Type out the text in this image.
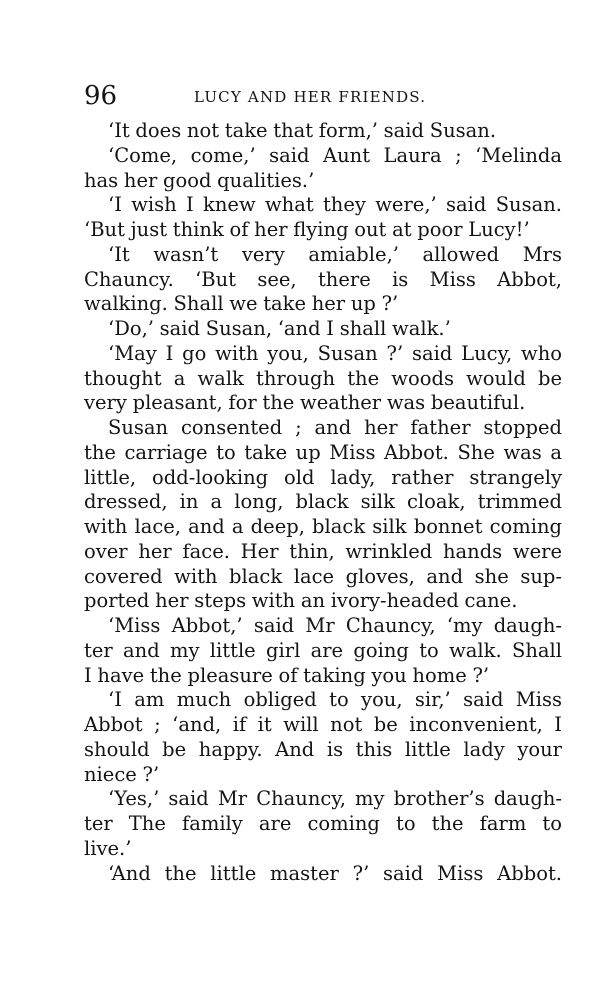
96	LUCY AND HER FRIENDS.
‘It does not take that form,’ said Susan.
‘Come, come,’ said Aunt Laura ; ‘Melinda
has her good qualities.’
‘I wish I knew what they were,’ said Susan.
‘But just think of her flying out at poor Lucy!’
‘It wasn’t very amiable,’ allowed Mrs
Chauncy. ‘But see, there is Miss Abbot,
walking. Shall we take her up ?’
‘Do,’ said Susan, ‘and I shall walk.’
‘May I go with you, Susan ?’ said Lucy, who
thought a walk through the woods would be
very pleasant, for the weather was beautiful.
Susan consented ; and her father stopped
the carriage to take up Miss Abbot. She was a
little, odd-looking old lady, rather strangely
dressed, in a long, black silk cloak, trimmed
with lace, and a deep, black silk bonnet coming
over her face. Her thin, wrinkled hands were
covered with black lace gloves, and she sup-
ported her steps with an ivory-headed cane.
‘Miss Abbot,’ said Mr Chauncy, ‘my daugh-
ter and my little girl are going to walk. Shall
I have the pleasure of taking you home ?’
‘I am much obliged to you, sir,’ said Miss
Abbot ; ‘and, if it will not be inconvenient, I
should be happy. And is this little lady your
niece ?’
‘Yes,’ said Mr Chauncy, my brother’s daugh-
ter The family are coming to the farm to
live.’
‘And the little master ?’ said Miss Abbot.
